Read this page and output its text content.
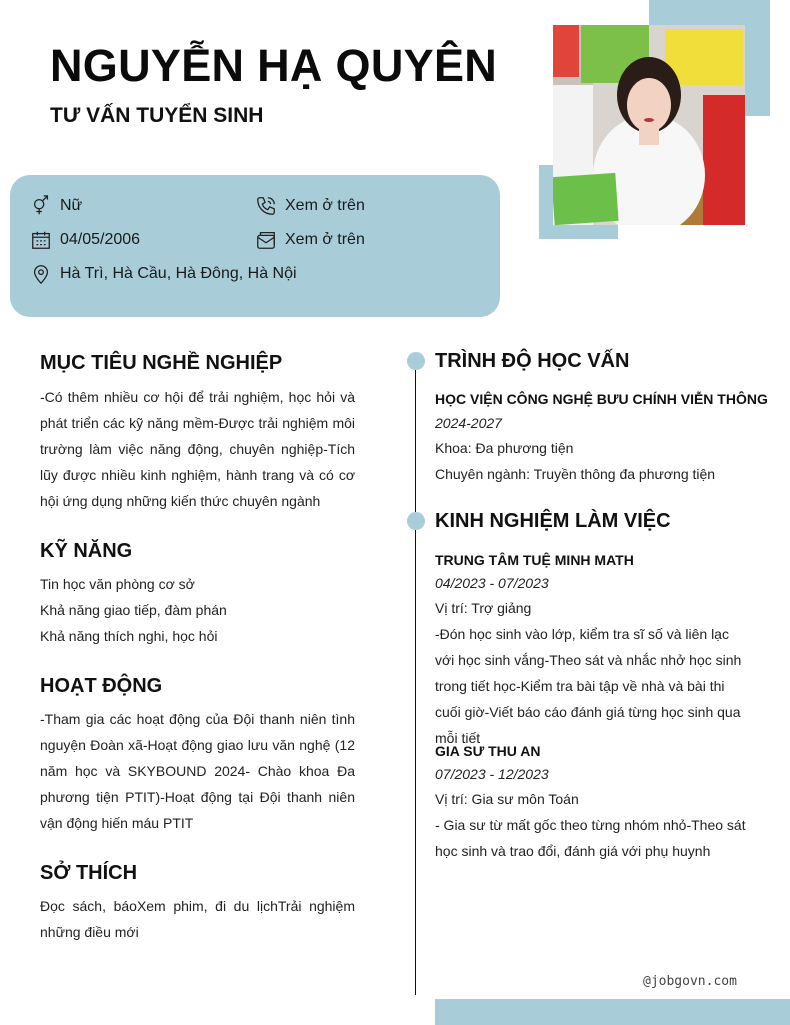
NGUYỄN HẠ QUYÊN
TƯ VẤN TUYỂN SINH
Nữ	Xem ở trên
04/05/2006	Xem ở trên
Hà Trì, Hà Cầu, Hà Đông, Hà Nội
MỤC TIÊU NGHỀ NGHIỆP
-Có thêm nhiều cơ hội để trải nghiệm, học hỏi và phát triển các kỹ năng mềm-Được trải nghiệm môi trường làm việc năng động, chuyên nghiệp-Tích lũy được nhiều kinh nghiệm, hành trang và có cơ hội ứng dụng những kiến thức chuyên ngành
KỸ NĂNG
Tin học văn phòng cơ sở
Khả năng giao tiếp, đàm phán
Khả năng thích nghi, học hỏi
HOẠT ĐỘNG
-Tham gia các hoạt động của Đội thanh niên tình nguyện Đoàn xã-Hoạt động giao lưu văn nghệ (12 năm học và SKYBOUND 2024- Chào khoa Đa phương tiện PTIT)-Hoạt động tại Đội thanh niên vận động hiến máu PTIT
SỞ THÍCH
Đọc sách, báoXem phim, đi du lịchTrải nghiệm những điều mới
TRÌNH ĐỘ HỌC VẤN
HỌC VIỆN CÔNG NGHỆ BƯU CHÍNH VIỄN THÔNG
2024-2027
Khoa: Đa phương tiện
Chuyên ngành: Truyền thông đa phương tiện
KINH NGHIỆM LÀM VIỆC
TRUNG TÂM TUỆ MINH MATH
04/2023 - 07/2023
Vị trí: Trợ giảng
-Đón học sinh vào lớp, kiểm tra sĩ số và liên lạc với học sinh vắng-Theo sát và nhắc nhở học sinh trong tiết học-Kiểm tra bài tập về nhà và bài thi cuối giờ-Viết báo cáo đánh giá từng học sinh qua mỗi tiết
GIA SƯ THU AN
07/2023 - 12/2023
Vị trí: Gia sư môn Toán
- Gia sư từ mất gốc theo từng nhóm nhỏ-Theo sát học sinh và trao đổi, đánh giá với phụ huynh
@jobgovn.com
